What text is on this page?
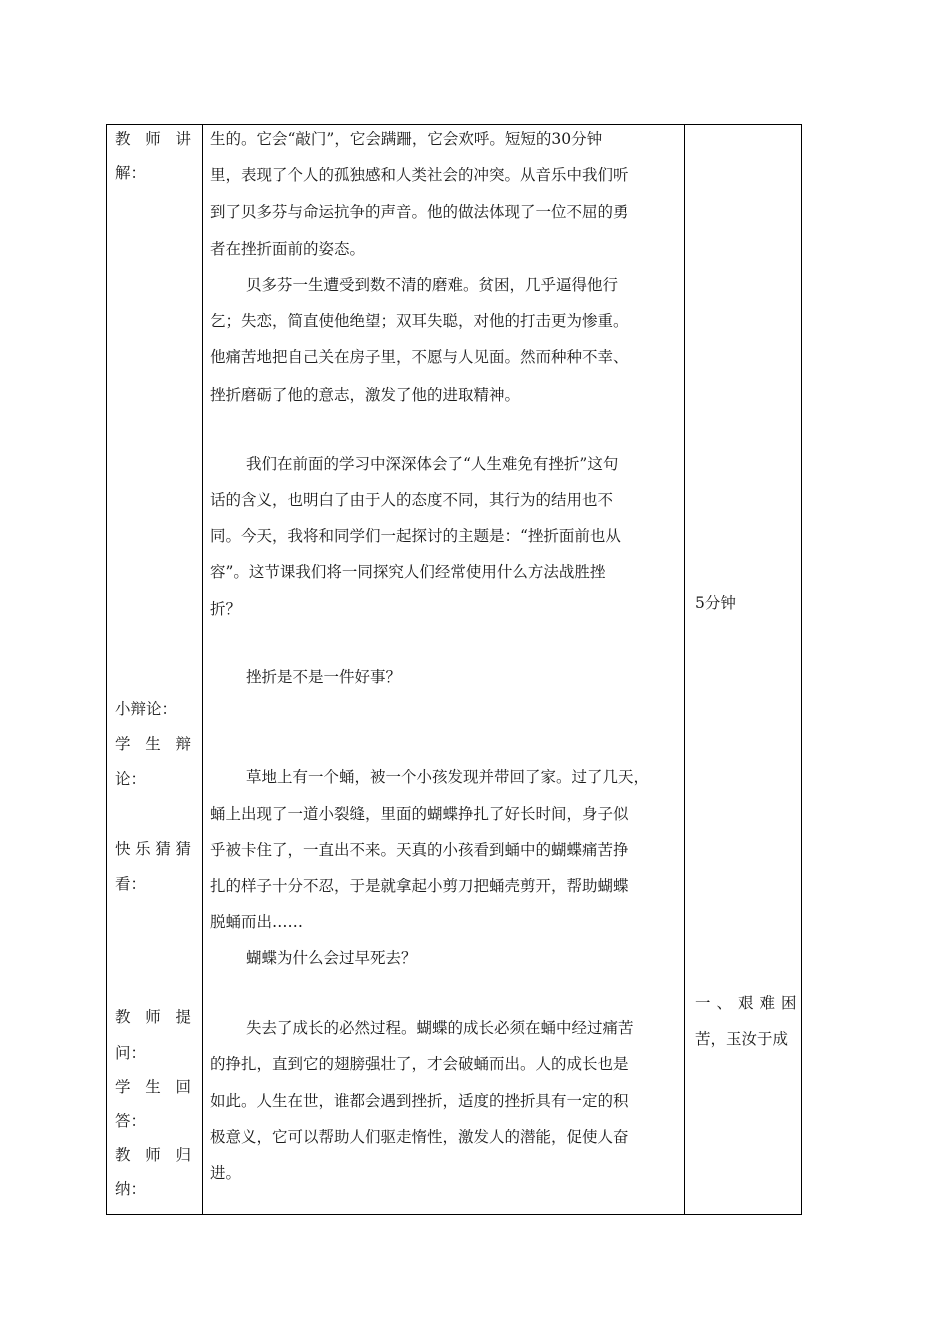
教 师 讲
解：
小辩论：
学 生 辩
论：
快 乐 猜 猜
看：
教 师 提
问：
学 生 回
答：
教 师 归
纳：
生的。它会“敲门”，它会蹒跚，它会欢呼。短短的30分钟
里，表现了个人的孤独感和人类社会的冲突。从音乐中我们听
到了贝多芬与命运抗争的声音。他的做法体现了一位不屈的勇
者在挫折面前的姿态。
贝多芬一生遭受到数不清的磨难。贫困，几乎逼得他行
乞；失恋，简直使他绝望；双耳失聪，对他的打击更为惨重。
他痛苦地把自己关在房子里，不愿与人见面。然而种种不幸、
挫折磨砺了他的意志，激发了他的进取精神。
我们在前面的学习中深深体会了“人生难免有挫折”这句
话的含义，也明白了由于人的态度不同，其行为的结用也不
同。今天，我将和同学们一起探讨的主题是：“挫折面前也从
容”。这节课我们将一同探究人们经常使用什么方法战胜挫
折？
挫折是不是一件好事？
草地上有一个蛹，被一个小孩发现并带回了家。过了几天，
蛹上出现了一道小裂缝，里面的蝴蝶挣扎了好长时间，身子似
乎被卡住了，一直出不来。天真的小孩看到蛹中的蝴蝶痛苦挣
扎的样子十分不忍，于是就拿起小剪刀把蛹壳剪开，帮助蝴蝶
脱蛹而出……
蝴蝶为什么会过早死去？
失去了成长的必然过程。蝴蝶的成长必须在蛹中经过痛苦
的挣扎，直到它的翅膀强壮了，才会破蛹而出。人的成长也是
如此。人生在世，谁都会遇到挫折，适度的挫折具有一定的积
极意义，它可以帮助人们驱走惰性，激发人的潜能，促使人奋
进。
5分钟
一、艰难困
苦，玉汝于成
